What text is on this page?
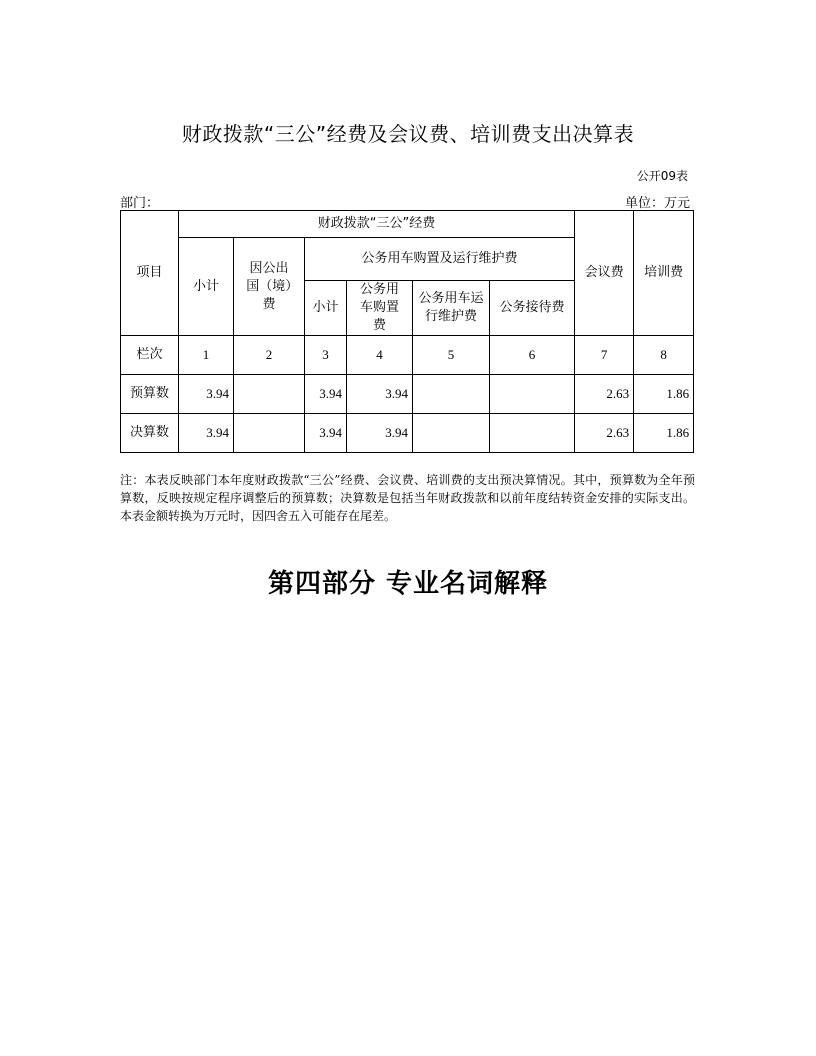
财政拨款“三公”经费及会议费、培训费支出决算表
公开09表
部门：	单位：万元
项目	财政拨款“三公”经费						会议费	培训费
	小计	因公出国（境）费	公务用车购置及运行维护费					
			小计	公务用车购置费	公务用车运行维护费	公务接待费		
栏次	1	2	3	4	5	6	7	8
预算数	3.94		3.94	3.94			2.63	1.86
决算数	3.94		3.94	3.94			2.63	1.86
注：本表反映部门本年度财政拨款“三公”经费、会议费、培训费的支出预决算情况。其中，预算数为全年预算数，反映按规定程序调整后的预算数；决算数是包括当年财政拨款和以前年度结转资金安排的实际支出。本表金额转换为万元时，因四舍五入可能存在尾差。
第四部分 专业名词解释
